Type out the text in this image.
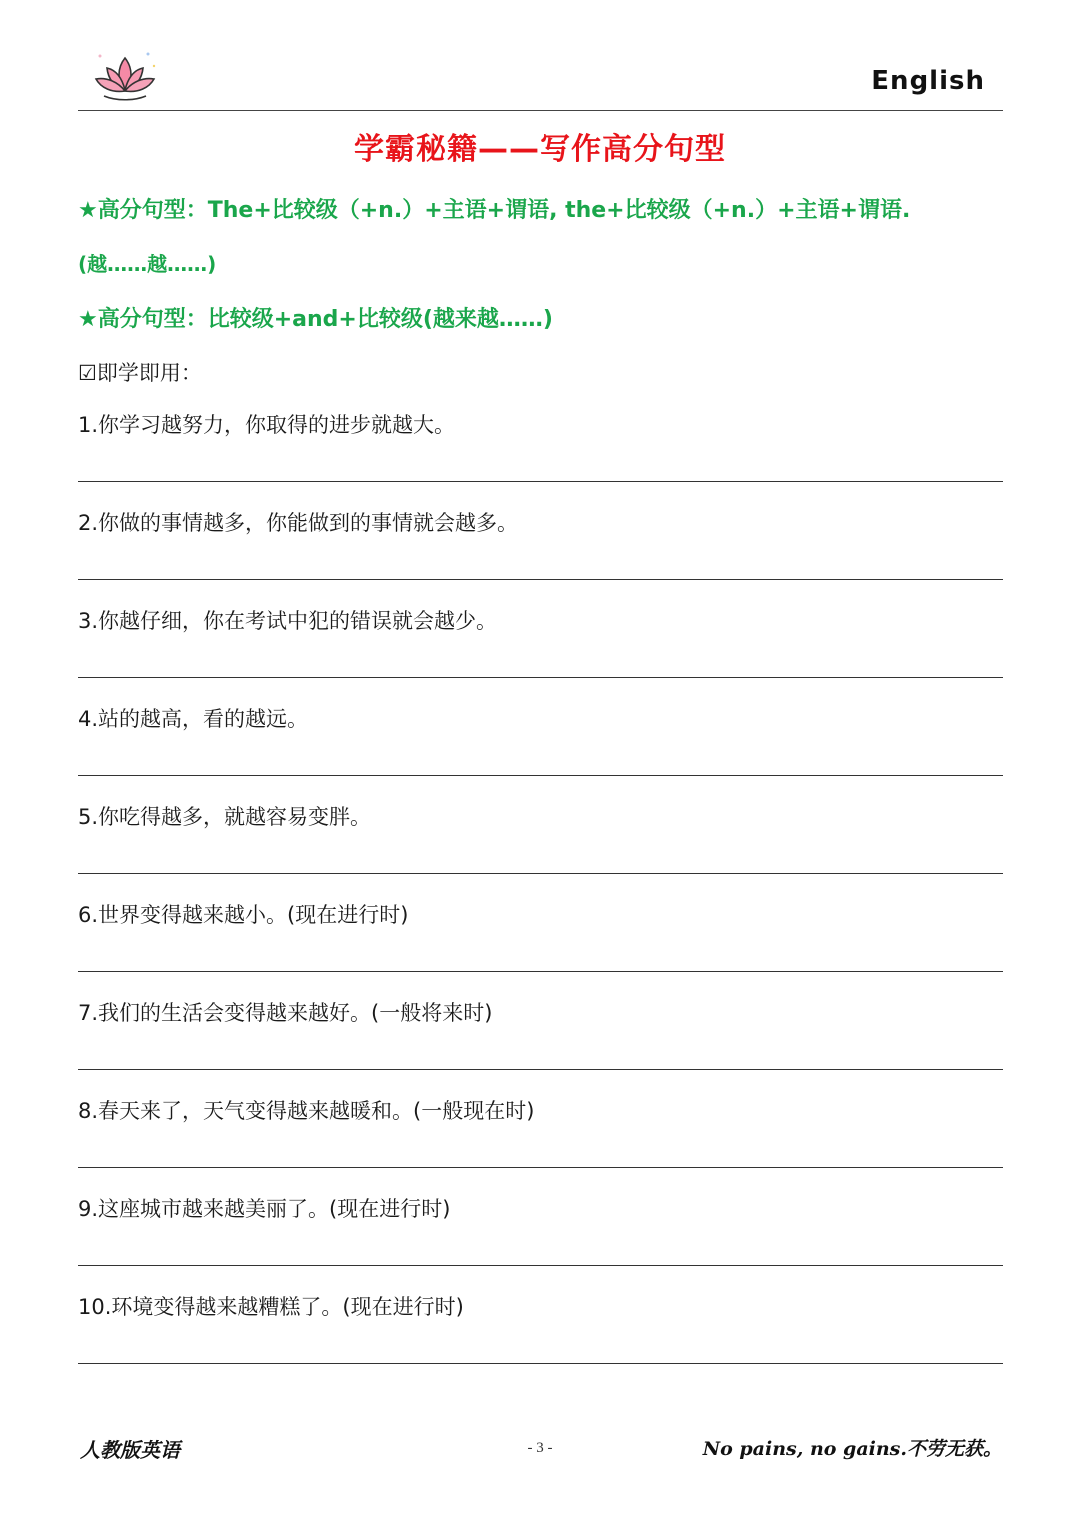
English
学霸秘籍——写作高分句型
★高分句型：The+比较级（+n.）+主语+谓语, the+比较级（+n.）+主语+谓语.
(越……越……)
★高分句型：比较级+and+比较级(越来越……)
☑即学即用：
1.你学习越努力，你取得的进步就越大。
2.你做的事情越多，你能做到的事情就会越多。
3.你越仔细，你在考试中犯的错误就会越少。
4.站的越高，看的越远。
5.你吃得越多，就越容易变胖。
6.世界变得越来越小。(现在进行时)
7.我们的生活会变得越来越好。(一般将来时)
8.春天来了，天气变得越来越暖和。(一般现在时)
9.这座城市越来越美丽了。(现在进行时)
10.环境变得越来越糟糕了。(现在进行时)
人教版英语	- 3 -	No pains, no gains.不劳无获。
